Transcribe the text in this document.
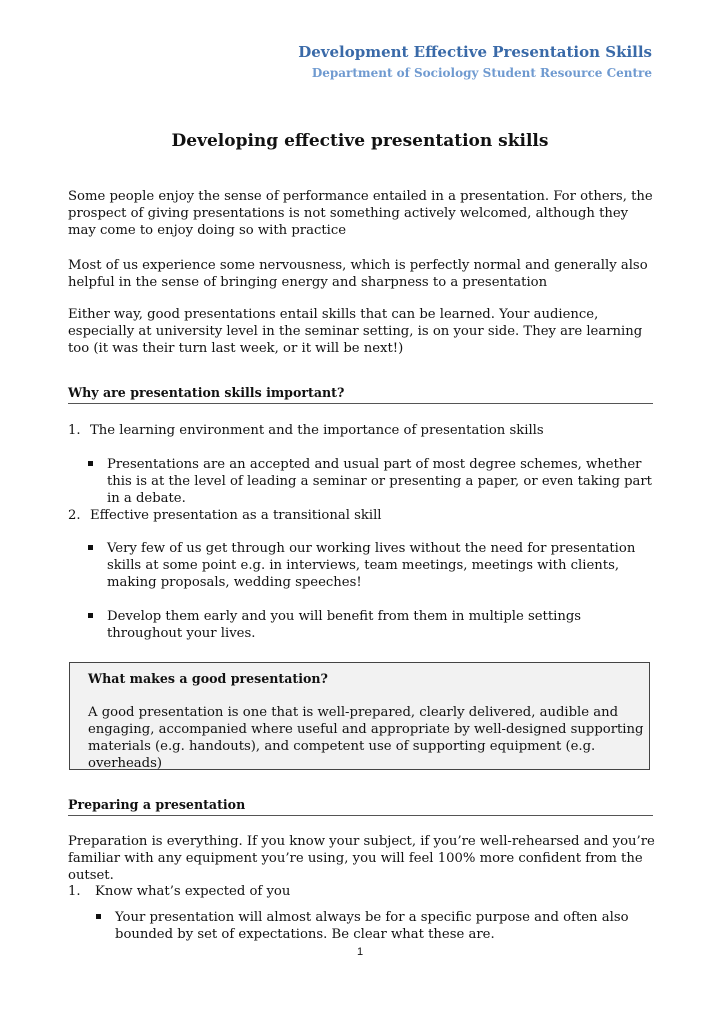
Development Effective Presentation Skills
Department of Sociology Student Resource Centre
Developing effective presentation skills

Some people enjoy the sense of performance entailed in a presentation. For others, the prospect of giving presentations is not something actively welcomed, although they may come to enjoy doing so with practice

Most of us experience some nervousness, which is perfectly normal and generally also helpful in the sense of bringing energy and sharpness to a presentation

Either way, good presentations entail skills that can be learned. Your audience, especially at university level in the seminar setting, is on your side. They are learning too (it was their turn last week, or it will be next!)

Why are presentation skills important?
1. The learning environment and the importance of presentation skills
Presentations are an accepted and usual part of most degree schemes, whether this is at the level of leading a seminar or presenting a paper, or even taking part in a debate.
2. Effective presentation as a transitional skill
Very few of us get through our working lives without the need for presentation skills at some point e.g. in interviews, team meetings, meetings with clients, making proposals, wedding speeches!
Develop them early and you will benefit from them in multiple settings throughout your lives.
What makes a good presentation?
A good presentation is one that is well-prepared, clearly delivered, audible and engaging, accompanied where useful and appropriate by well-designed supporting materials (e.g. handouts), and competent use of supporting equipment (e.g. overheads)
Preparing a presentation

Preparation is everything. If you know your subject, if you’re well-rehearsed and you’re familiar with any equipment you’re using, you will feel 100% more confident from the outset.

1. Know what’s expected of you
Your presentation will almost always be for a specific purpose and often also bounded by set of expectations. Be clear what these are.
1
